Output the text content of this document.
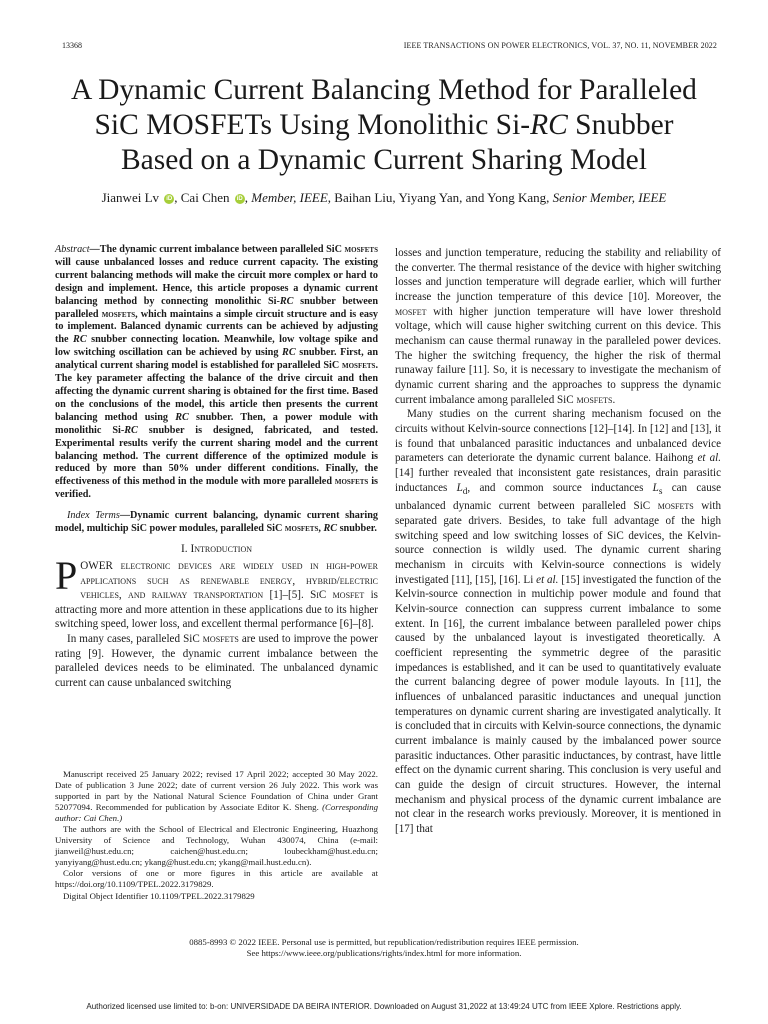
13368	IEEE TRANSACTIONS ON POWER ELECTRONICS, VOL. 37, NO. 11, NOVEMBER 2022
A Dynamic Current Balancing Method for Paralleled
SiC MOSFETs Using Monolithic Si-RC Snubber
Based on a Dynamic Current Sharing Model
Jianwei Lv iD , Cai Chen iD , Member, IEEE, Baihan Liu, Yiyang Yan, and Yong Kang, Senior Member, IEEE

Abstract—The dynamic current imbalance between paralleled SiC mosfets will cause unbalanced losses and reduce current capacity. The existing current balancing methods will make the circuit more complex or hard to design and implement. Hence, this article proposes a dynamic current balancing method by connecting monolithic Si-RC snubber between paralleled mosfets, which maintains a simple circuit structure and is easy to implement. Balanced dynamic currents can be achieved by adjusting the RC snubber connecting location. Meanwhile, low voltage spike and low switching oscillation can be achieved by using RC snubber. First, an analytical current sharing model is established for paralleled SiC mosfets. The key parameter affecting the balance of the drive circuit and then affecting the dynamic current sharing is obtained for the first time. Based on the conclusions of the model, this article then presents the current balancing method using RC snubber. Then, a power module with monolithic Si-RC snubber is designed, fabricated, and tested. Experimental results verify the current sharing model and the current balancing method. The current difference of the optimized module is reduced by more than 50% under different conditions. Finally, the effectiveness of this method in the module with more paralleled mosfets is verified.

Index Terms—Dynamic current balancing, dynamic current sharing model, multichip SiC power modules, paralleled SiC mosfets, RC snubber.

I. Introduction

POWER electronic devices are widely used in high-power applications such as renewable energy, hybrid/electric vehicles, and railway transportation [1]–[5]. SiC mosfet is attracting more and more attention in these applications due to its higher switching speed, lower loss, and excellent thermal performance [6]–[8].

In many cases, paralleled SiC mosfets are used to improve the power rating [9]. However, the dynamic current imbalance between the paralleled devices needs to be eliminated. The unbalanced dynamic current can cause unbalanced switching

Manuscript received 25 January 2022; revised 17 April 2022; accepted 30 May 2022. Date of publication 3 June 2022; date of current version 26 July 2022. This work was supported in part by the National Natural Science Foundation of China under Grant 52077094. Recommended for publication by Associate Editor K. Sheng. (Corresponding author: Cai Chen.)

The authors are with the School of Electrical and Electronic Engineering, Huazhong University of Science and Technology, Wuhan 430074, China (e-mail: jianweil@hust.edu.cn; caichen@hust.edu.cn; loubeckham@hust.edu.cn; yanyiyang@hust.edu.cn; ykang@hust.edu.cn; ykang@mail.hust.edu.cn).

Color versions of one or more figures in this article are available at https://doi.org/10.1109/TPEL.2022.3179829.

Digital Object Identifier 10.1109/TPEL.2022.3179829

losses and junction temperature, reducing the stability and reliability of the converter. The thermal resistance of the device with higher switching losses and junction temperature will degrade earlier, which will further increase the junction temperature of this device [10]. Moreover, the mosfet with higher junction temperature will have lower threshold voltage, which will cause higher switching current on this device. This mechanism can cause thermal runaway in the paralleled power devices. The higher the switching frequency, the higher the risk of thermal runaway failure [11]. So, it is necessary to investigate the mechanism of dynamic current sharing and the approaches to suppress the dynamic current imbalance among paralleled SiC mosfets.

Many studies on the current sharing mechanism focused on the circuits without Kelvin-source connections [12]–[14]. In [12] and [13], it is found that unbalanced parasitic inductances and unbalanced device parameters can deteriorate the dynamic current balance. Haihong et al. [14] further revealed that inconsistent gate resistances, drain parasitic inductances $L_d$, and common source inductances $L_s$ can cause unbalanced dynamic current between paralleled SiC mosfets with separated gate drivers. Besides, to take full advantage of the high switching speed and low switching losses of SiC devices, the Kelvin-source connection is wildly used. The dynamic current sharing mechanism in circuits with Kelvin-source connections is widely investigated [11], [15], [16]. Li et al. [15] investigated the function of the Kelvin-source connection in multichip power module and found that Kelvin-source connection can suppress current imbalance to some extent. In [16], the current imbalance between paralleled power chips caused by the unbalanced layout is investigated theoretically. A coefficient representing the symmetric degree of the parasitic impedances is established, and it can be used to quantitatively evaluate the current balancing degree of power module layouts. In [11], the influences of unbalanced parasitic inductances and unequal junction temperatures on dynamic current sharing are investigated analytically. It is concluded that in circuits with Kelvin-source connections, the dynamic current imbalance is mainly caused by the imbalanced power source parasitic inductances. Other parasitic inductances, by contrast, have little effect on the dynamic current sharing. This conclusion is very useful and can guide the design of circuit structures. However, the internal mechanism and physical process of the dynamic current imbalance are not clear in the research works previously. Moreover, it is mentioned in [17] that

0885-8993 © 2022 IEEE. Personal use is permitted, but republication/redistribution requires IEEE permission.
See https://www.ieee.org/publications/rights/index.html for more information.
Authorized licensed use limited to: b-on: UNIVERSIDADE DA BEIRA INTERIOR. Downloaded on August 31,2022 at 13:49:24 UTC from IEEE Xplore. Restrictions apply.
